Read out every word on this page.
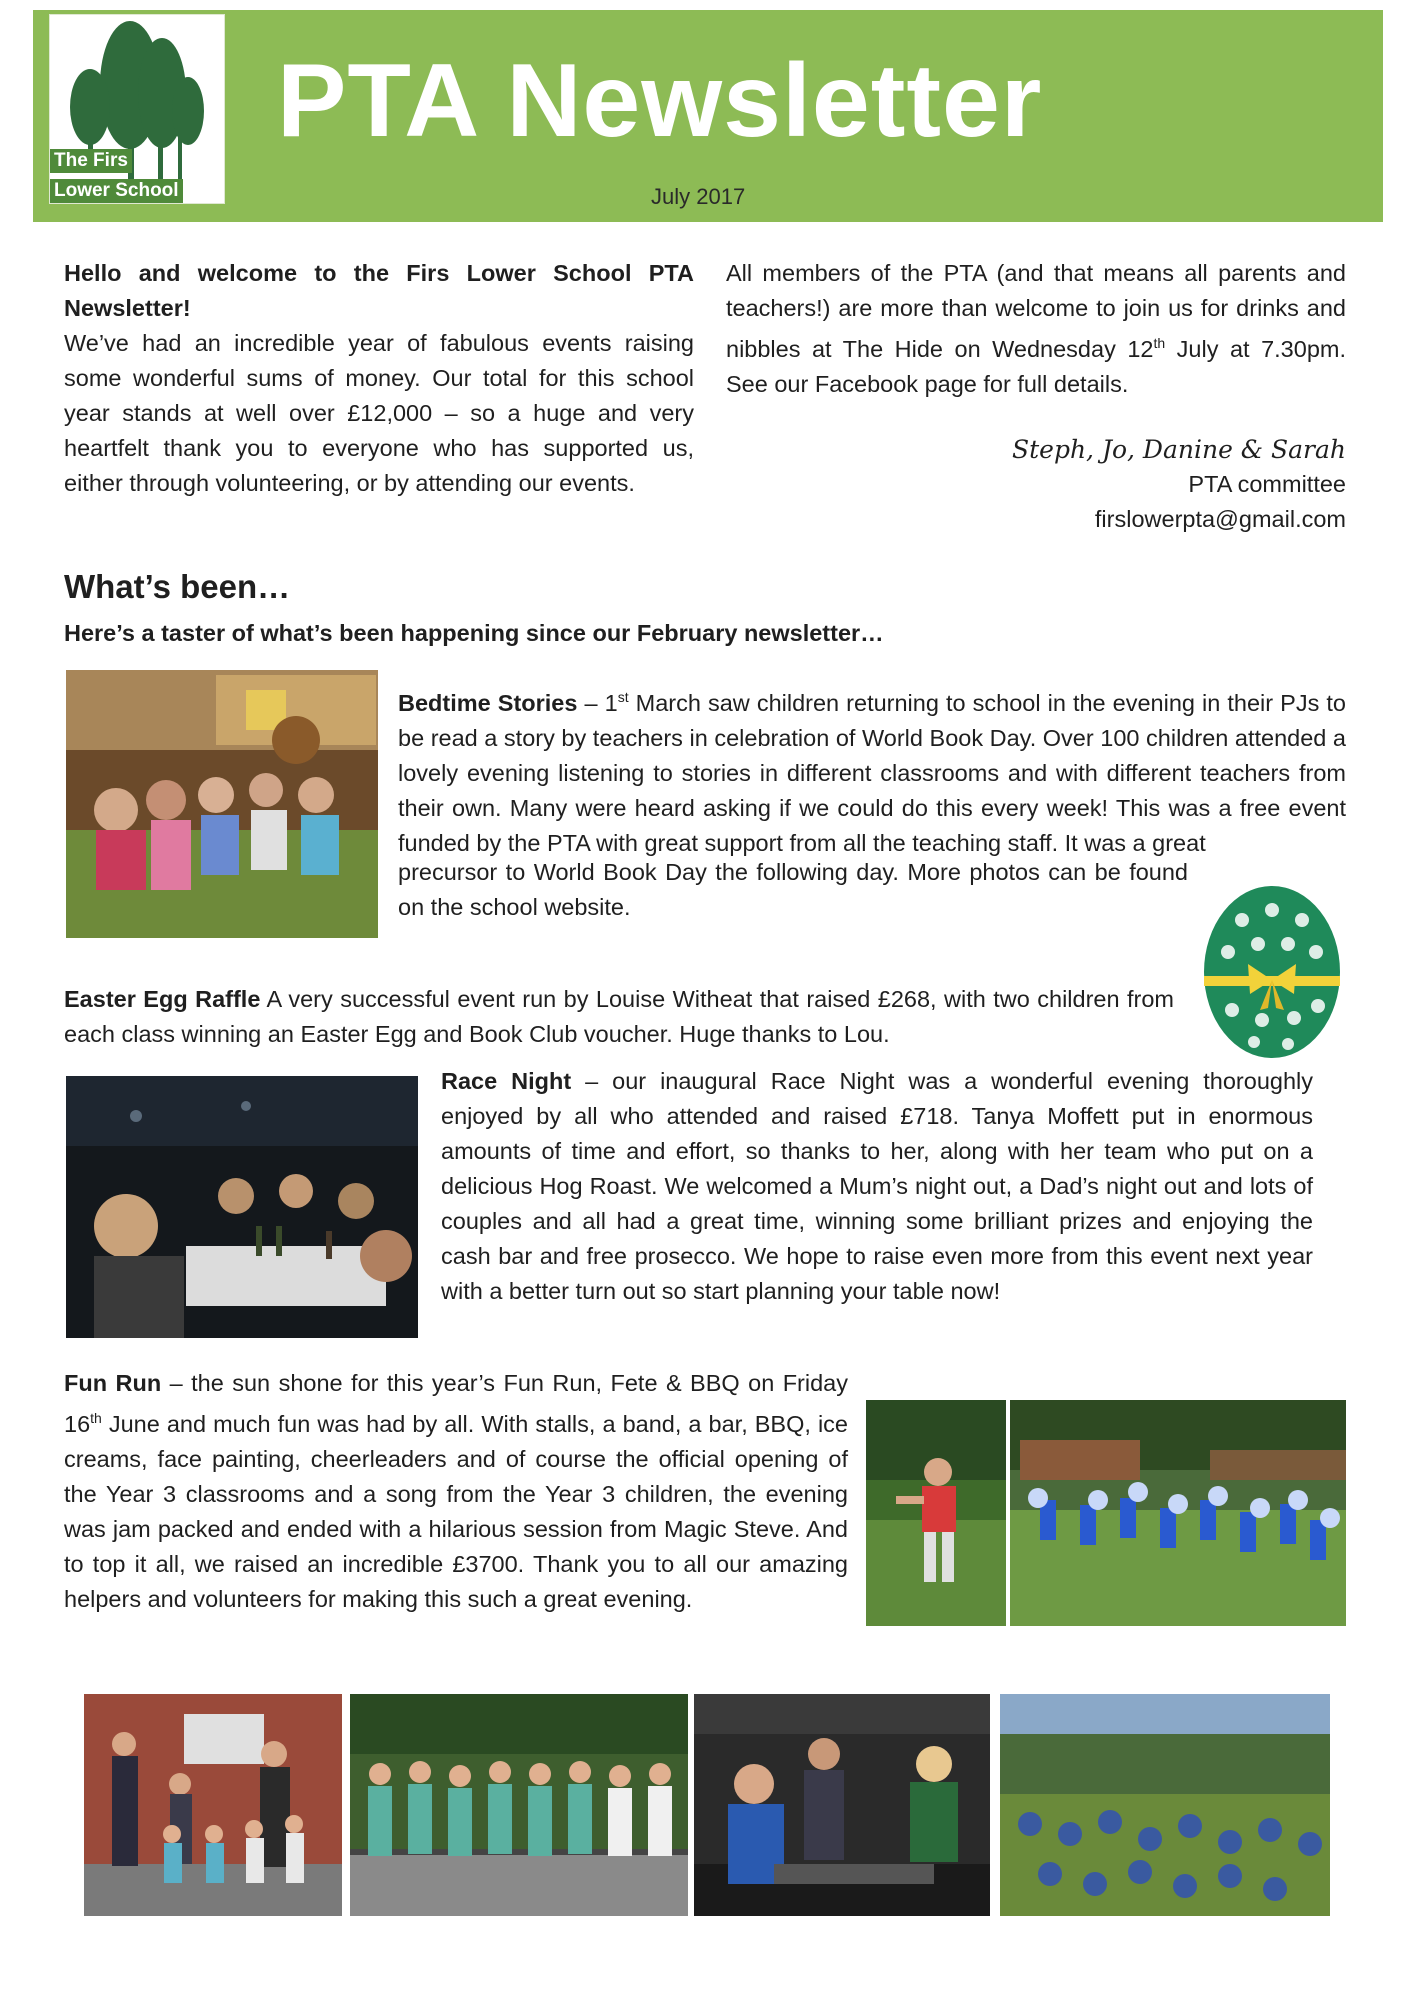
The Firs
Lower School
PTA Newsletter
July 2017
Hello and welcome to the Firs Lower School PTA Newsletter!
We’ve had an incredible year of fabulous events raising some wonderful sums of money. Our total for this school year stands at well over £12,000 – so a huge and very heartfelt thank you to everyone who has supported us, either through volunteering, or by attending our events.
All members of the PTA (and that means all parents and teachers!) are more than welcome to join us for drinks and nibbles at The Hide on Wednesday 12th July at 7.30pm. See our Facebook page for full details.
Steph, Jo, Danine & Sarah
PTA committee
firslowerpta@gmail.com
What’s been…
Here’s a taster of what’s been happening since our February newsletter…
Bedtime Stories – 1st March saw children returning to school in the evening in their PJs to be read a story by teachers in celebration of World Book Day. Over 100 children attended a lovely evening listening to stories in different classrooms and with different teachers from their own. Many were heard asking if we could do this every week! This was a free event funded by the PTA with great support from all the teaching staff. It was a great
precursor to World Book Day the following day. More photos can be found on the school website.
Easter Egg Raffle A very successful event run by Louise Witheat that raised £268, with two children from each class winning an Easter Egg and Book Club voucher. Huge thanks to Lou.
Race Night – our inaugural Race Night was a wonderful evening thoroughly enjoyed by all who attended and raised £718. Tanya Moffett put in enormous amounts of time and effort, so thanks to her, along with her team who put on a delicious Hog Roast. We welcomed a Mum’s night out, a Dad’s night out and lots of couples and all had a great time, winning some brilliant prizes and enjoying the cash bar and free prosecco. We hope to raise even more from this event next year with a better turn out so start planning your table now!
Fun Run – the sun shone for this year’s Fun Run, Fete & BBQ on Friday 16th June and much fun was had by all. With stalls, a band, a bar, BBQ, ice creams, face painting, cheerleaders and of course the official opening of the Year 3 classrooms and a song from the Year 3 children, the evening was jam packed and ended with a hilarious session from Magic Steve. And to top it all, we raised an incredible £3700. Thank you to all our amazing helpers and volunteers for making this such a great evening.
